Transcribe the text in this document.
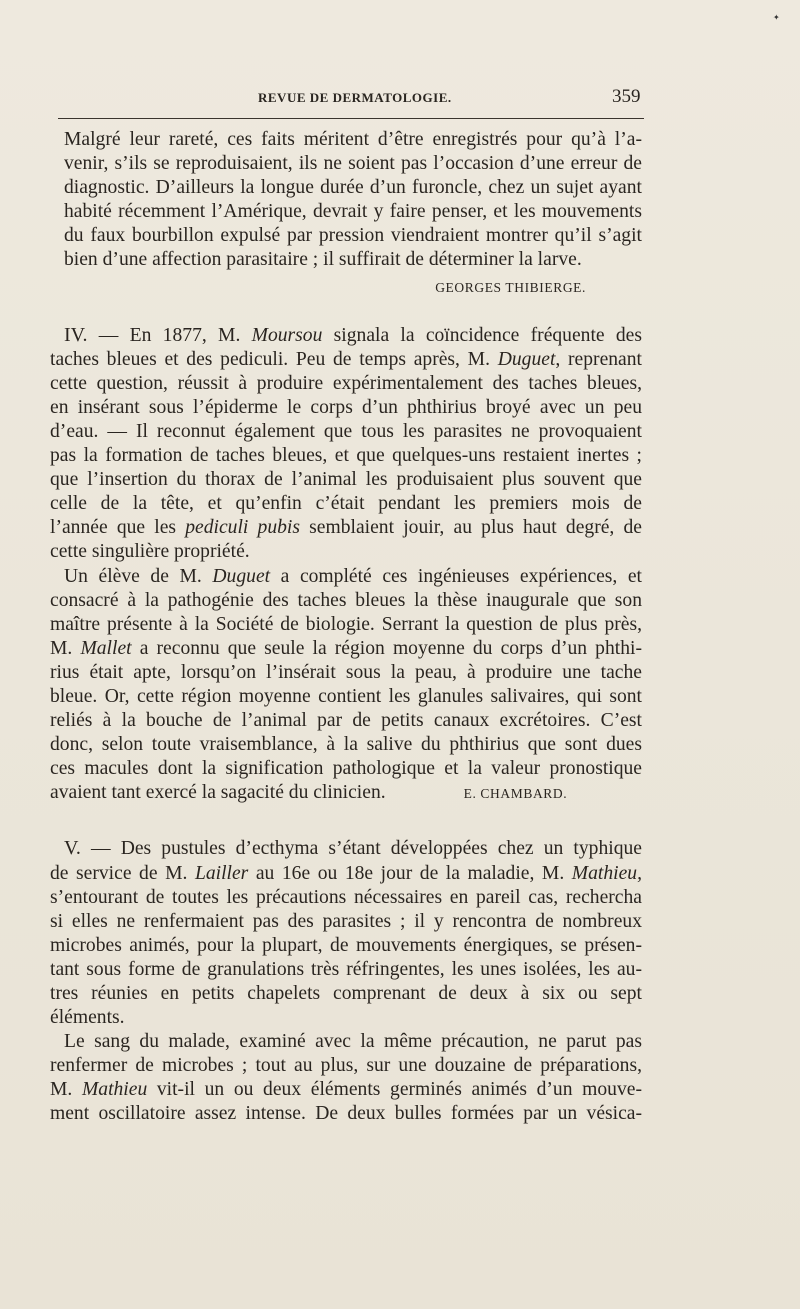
✦
REVUE DE DERMATOLOGIE.	359
Malgré leur rareté, ces faits méritent d’être enregistrés pour qu’à l’a-
venir, s’ils se reproduisaient, ils ne soient pas l’occasion d’une erreur de
diagnostic. D’ailleurs la longue durée d’un furoncle, chez un sujet ayant
habité récemment l’Amérique, devrait y faire penser, et les mouvements
du faux bourbillon expulsé par pression viendraient montrer qu’il s’agit
bien d’une affection parasitaire ; il suffirait de déterminer la larve.
GEORGES THIBIERGE.
IV. — En 1877, M. Moursou signala la coïncidence fréquente des
taches bleues et des pediculi. Peu de temps après, M. Duguet, reprenant
cette question, réussit à produire expérimentalement des taches bleues,
en insérant sous l’épiderme le corps d’un phthirius broyé avec un peu
d’eau. — Il reconnut également que tous les parasites ne provoquaient
pas la formation de taches bleues, et que quelques-uns restaient inertes ;
que l’insertion du thorax de l’animal les produisaient plus souvent que
celle de la tête, et qu’enfin c’était pendant les premiers mois de
l’année que les pediculi pubis semblaient jouir, au plus haut degré, de
cette singulière propriété.
Un élève de M. Duguet a complété ces ingénieuses expériences, et
consacré à la pathogénie des taches bleues la thèse inaugurale que son
maître présente à la Société de biologie. Serrant la question de plus près,
M. Mallet a reconnu que seule la région moyenne du corps d’un phthi-
rius était apte, lorsqu’on l’insérait sous la peau, à produire une tache
bleue. Or, cette région moyenne contient les glanules salivaires, qui sont
reliés à la bouche de l’animal par de petits canaux excrétoires. C’est
donc, selon toute vraisemblance, à la salive du phthirius que sont dues
ces macules dont la signification pathologique et la valeur pronostique
avaient tant exercé la sagacité du clinicien.	E. CHAMBARD.
V. — Des pustules d’ecthyma s’étant développées chez un typhique
de service de M. Lailler au 16e ou 18e jour de la maladie, M. Mathieu,
s’entourant de toutes les précautions nécessaires en pareil cas, rechercha
si elles ne renfermaient pas des parasites ; il y rencontra de nombreux
microbes animés, pour la plupart, de mouvements énergiques, se présen-
tant sous forme de granulations très réfringentes, les unes isolées, les au-
tres réunies en petits chapelets comprenant de deux à six ou sept
éléments.
Le sang du malade, examiné avec la même précaution, ne parut pas
renfermer de microbes ; tout au plus, sur une douzaine de préparations,
M. Mathieu vit-il un ou deux éléments germinés animés d’un mouve-
ment oscillatoire assez intense. De deux bulles formées par un vésica-
